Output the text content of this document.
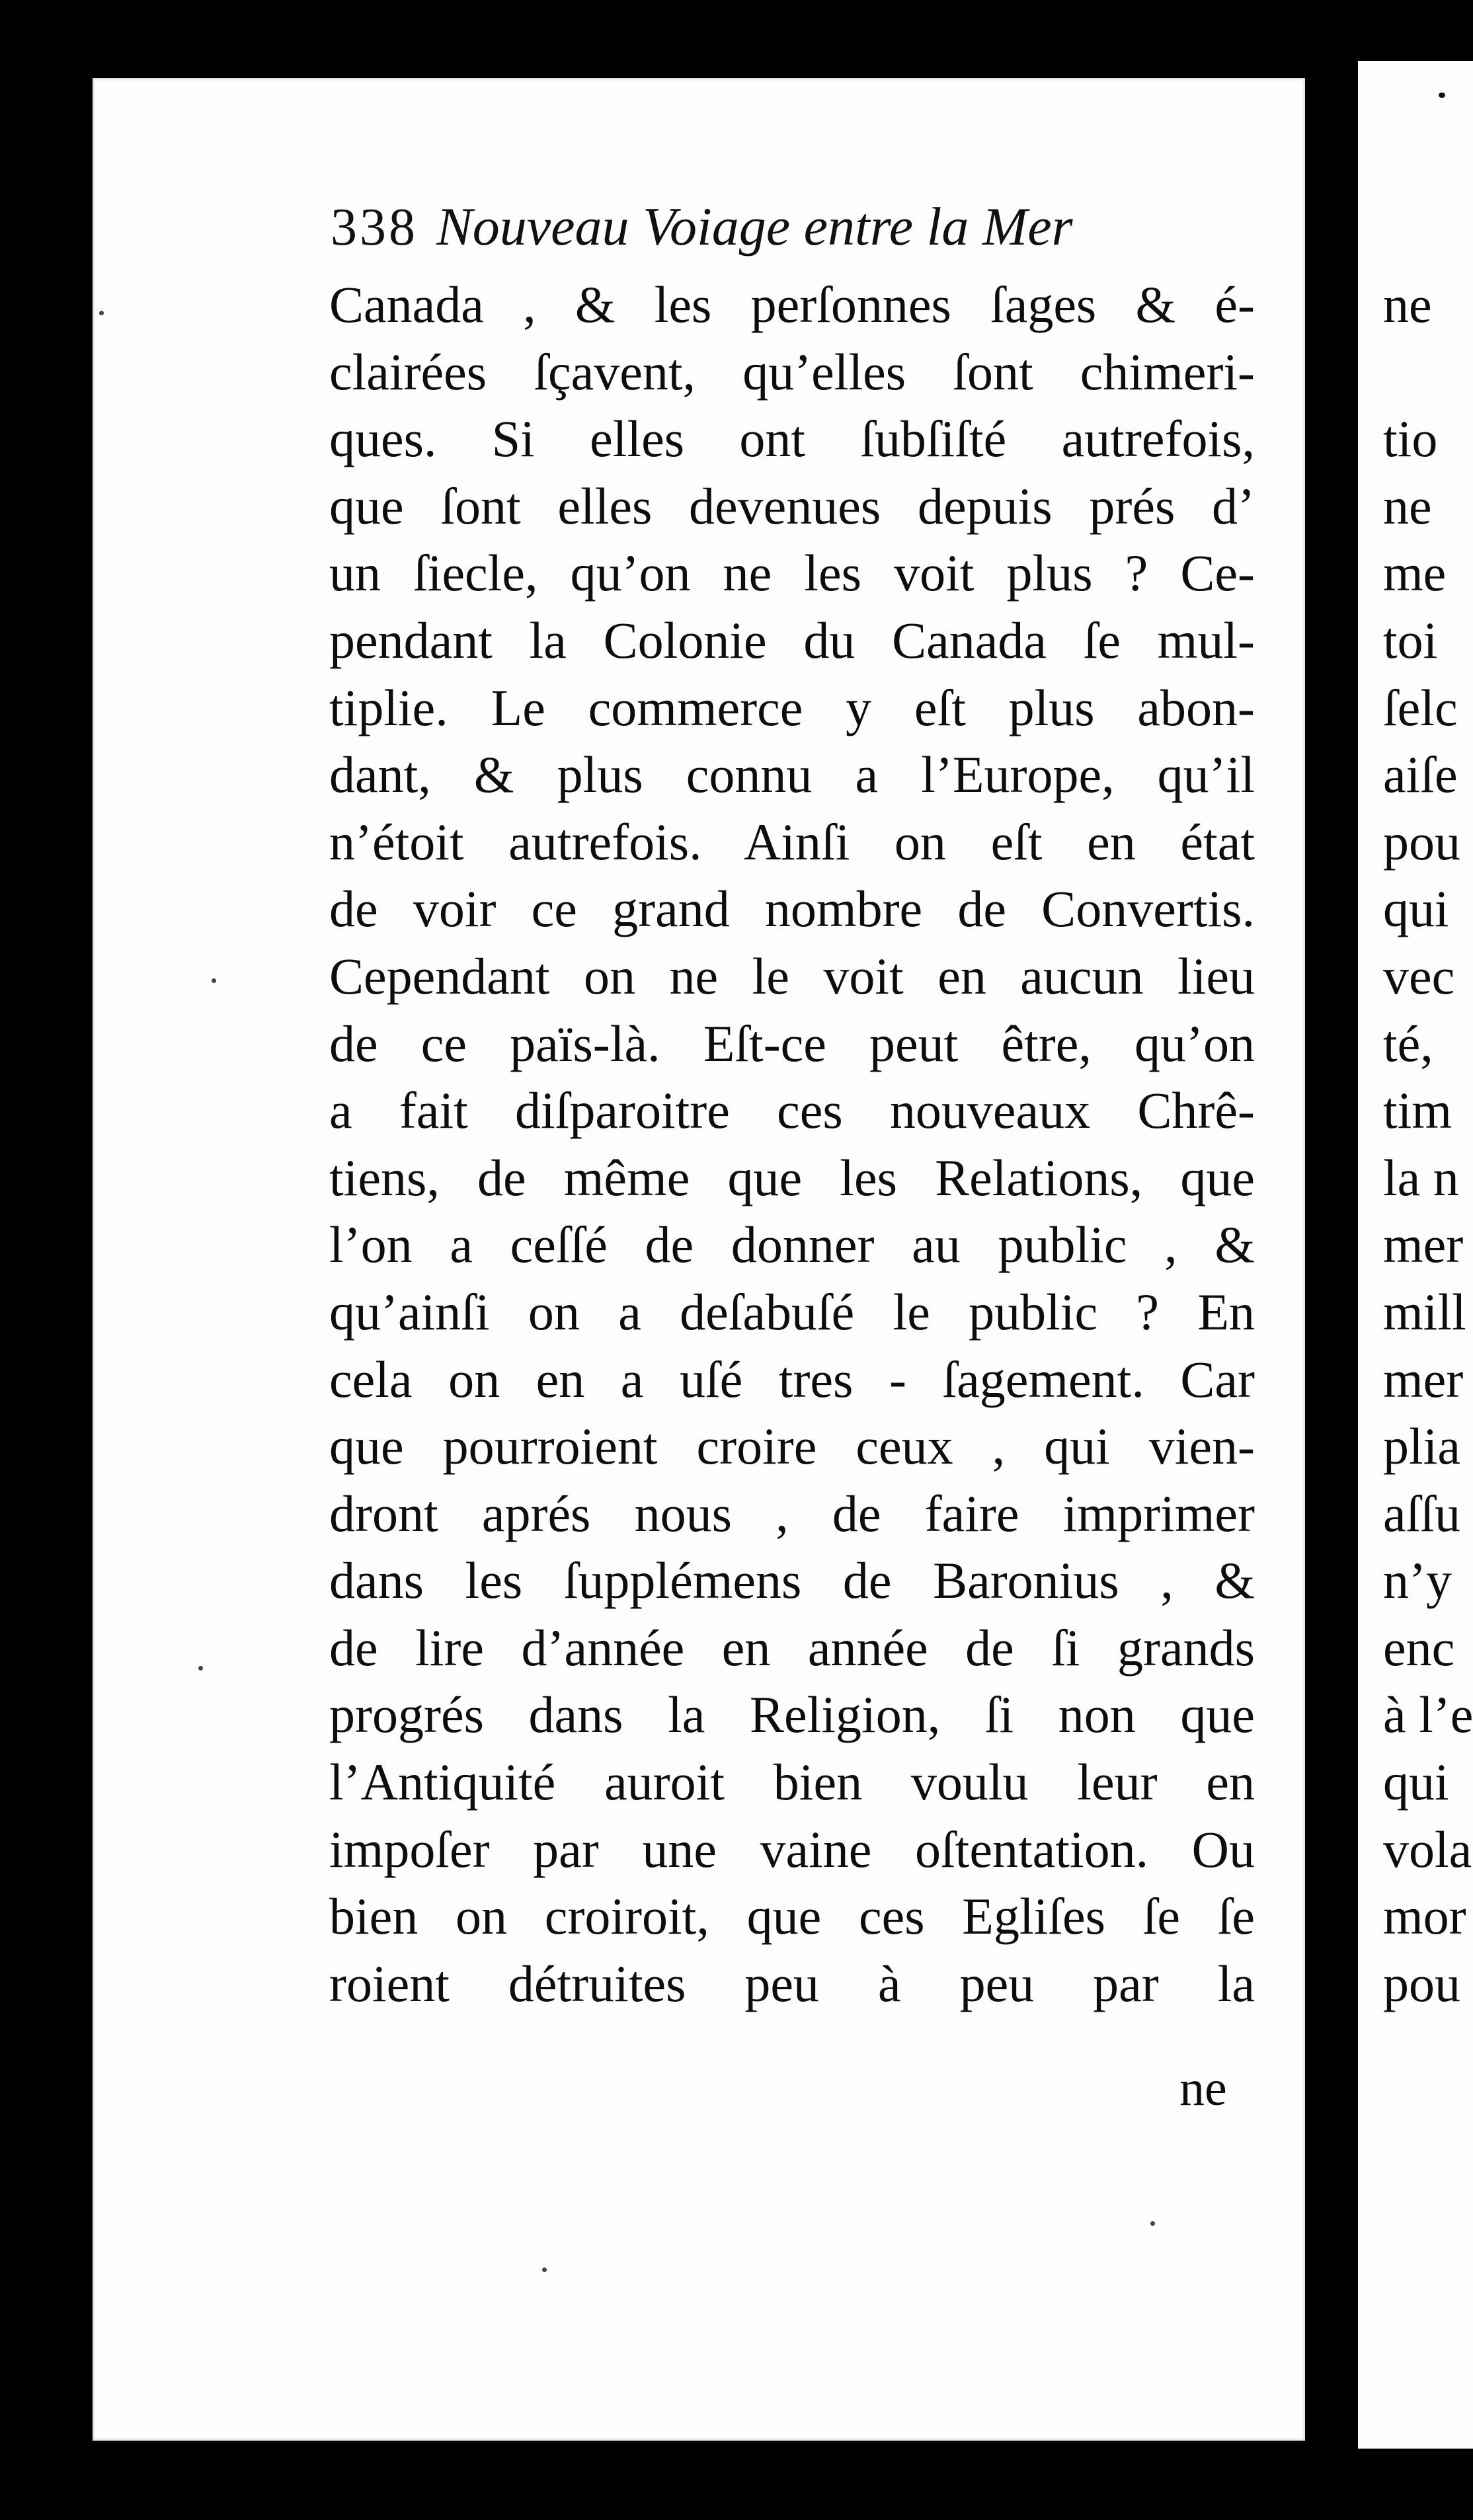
338 Nouveau Voiage entre la Mer
Canada , & les perſonnes ſages & é-
clairées ſçavent, qu’elles ſont chimeri-
ques. Si elles ont ſubſiſté autrefois,
que ſont elles devenues depuis prés d’
un ſiecle, qu’on ne les voit plus ? Ce-
pendant la Colonie du Canada ſe mul-
tiplie. Le commerce y eſt plus abon-
dant, & plus connu a l’Europe, qu’il
n’étoit autrefois. Ainſi on eſt en état
de voir ce grand nombre de Convertis.
Cependant on ne le voit en aucun lieu
de ce païs-là. Eſt-ce peut être, qu’on
a fait diſparoitre ces nouveaux Chrê-
tiens, de même que les Relations, que
l’on a ceſſé de donner au public , &
qu’ainſi on a deſabuſé le public ? En
cela on en a uſé tres - ſagement. Car
que pourroient croire ceux , qui vien-
dront aprés nous , de faire imprimer
dans les ſupplémens de Baronius , &
de lire d’année en année de ſi grands
progrés dans la Religion, ſi non que
l’Antiquité auroit bien voulu leur en
impoſer par une vaine oſtentation. Ou
bien on croiroit, que ces Egliſes ſe ſe
roient détruites peu à peu par la
ne
ne
tio
ne
me
toi
ſelc
aiſe
pou
qui
vec
té,
tim
la n
mer
mill
mer
plia
aſſu
n’y
enc
à l’e
qui
vola
mor
pou
